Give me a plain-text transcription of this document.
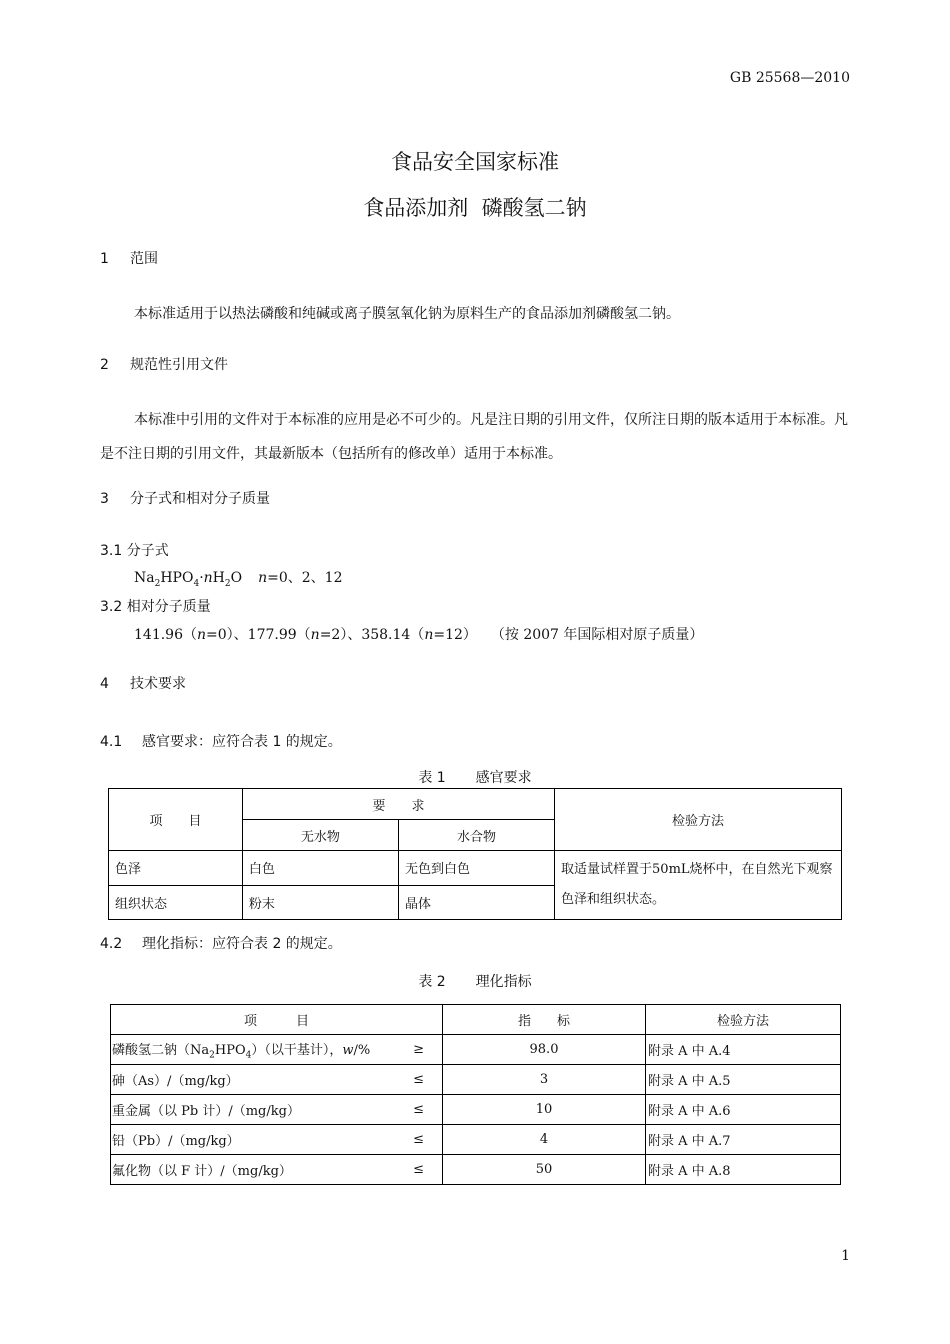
GB 25568—2010
食品安全国家标准
食品添加剂  磷酸氢二钠
1 范围
本标准适用于以热法磷酸和纯碱或离子膜氢氧化钠为原料生产的食品添加剂磷酸氢二钠。
2 规范性引用文件
本标准中引用的文件对于本标准的应用是必不可少的。凡是注日期的引用文件，仅所注日期的版本适用于本标准。凡是不注日期的引用文件，其最新版本（包括所有的修改单）适用于本标准。
3 分子式和相对分子质量
3.1 分子式
$Na_2HPO_4\cdot nH_2O$ n=0、2、12
3.2 相对分子质量
141.96（n=0）、177.99（n=2）、358.14（n=12） （按 2007 年国际相对原子质量）
4 技术要求
4.1 感官要求：应符合表 1 的规定。
表 1 感官要求
项　　目	要　　求		检验方法
	无水物	水合物	
色泽	白色	无色到白色	取适量试样置于50mL烧杯中，在自然光下观察色泽和组织状态。
组织状态	粉末	晶体	
4.2 理化指标：应符合表 2 的规定。
表 2 理化指标
项　　　目		指　　标	检验方法
磷酸氢二钠$(Na_2HPO_4)$（以干基计），w/%	≥	98.0	附录 A 中 A.4
砷（As）/（mg/kg）	≤	3	附录 A 中 A.5
重金属（以 Pb 计）/（mg/kg）	≤	10	附录 A 中 A.6
铅（Pb）/（mg/kg）	≤	4	附录 A 中 A.7
氟化物（以 F 计）/（mg/kg）	≤	50	附录 A 中 A.8
1
